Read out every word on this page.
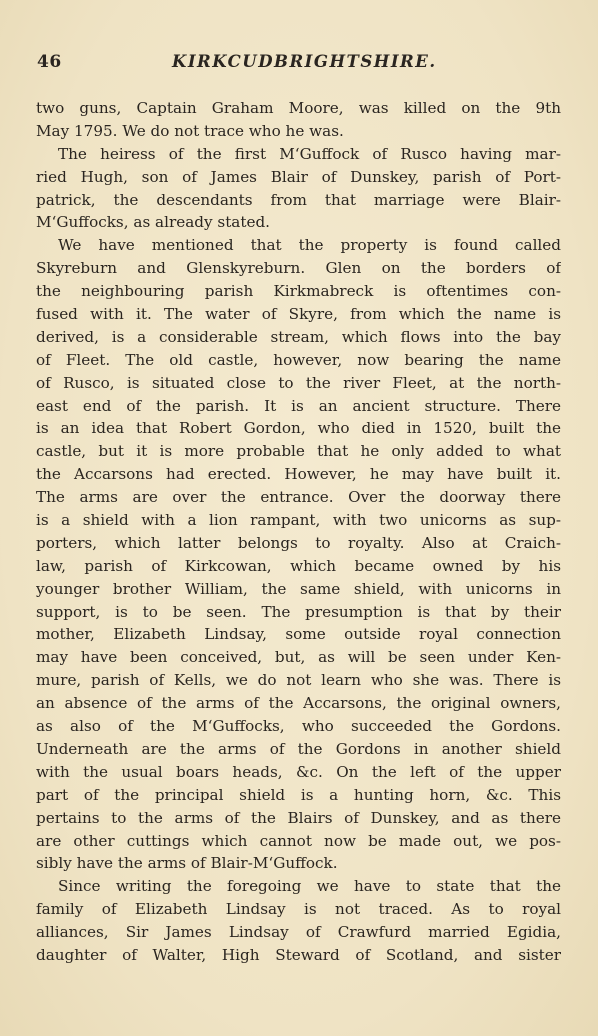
46	KIRKCUDBRIGHTSHIRE.
two guns, Captain Graham Moore, was killed on the 9th
May 1795. We do not trace who he was.
The heiress of the first M‘Guffock of Rusco having mar-
ried Hugh, son of James Blair of Dunskey, parish of Port-
patrick, the descendants from that marriage were Blair-
M‘Guffocks, as already stated.
We have mentioned that the property is found called
Skyreburn and Glenskyreburn. Glen on the borders of
the neighbouring parish Kirkmabreck is oftentimes con-
fused with it. The water of Skyre, from which the name is
derived, is a considerable stream, which flows into the bay
of Fleet. The old castle, however, now bearing the name
of Rusco, is situated close to the river Fleet, at the north-
east end of the parish. It is an ancient structure. There
is an idea that Robert Gordon, who died in 1520, built the
castle, but it is more probable that he only added to what
the Accarsons had erected. However, he may have built it.
The arms are over the entrance. Over the doorway there
is a shield with a lion rampant, with two unicorns as sup-
porters, which latter belongs to royalty. Also at Craich-
law, parish of Kirkcowan, which became owned by his
younger brother William, the same shield, with unicorns in
support, is to be seen. The presumption is that by their
mother, Elizabeth Lindsay, some outside royal connection
may have been conceived, but, as will be seen under Ken-
mure, parish of Kells, we do not learn who she was. There is
an absence of the arms of the Accarsons, the original owners,
as also of the M‘Guffocks, who succeeded the Gordons.
Underneath are the arms of the Gordons in another shield
with the usual boars heads, &c. On the left of the upper
part of the principal shield is a hunting horn, &c. This
pertains to the arms of the Blairs of Dunskey, and as there
are other cuttings which cannot now be made out, we pos-
sibly have the arms of Blair-M‘Guffock.
Since writing the foregoing we have to state that the
family of Elizabeth Lindsay is not traced. As to royal
alliances, Sir James Lindsay of Crawfurd married Egidia,
daughter of Walter, High Steward of Scotland, and sister
